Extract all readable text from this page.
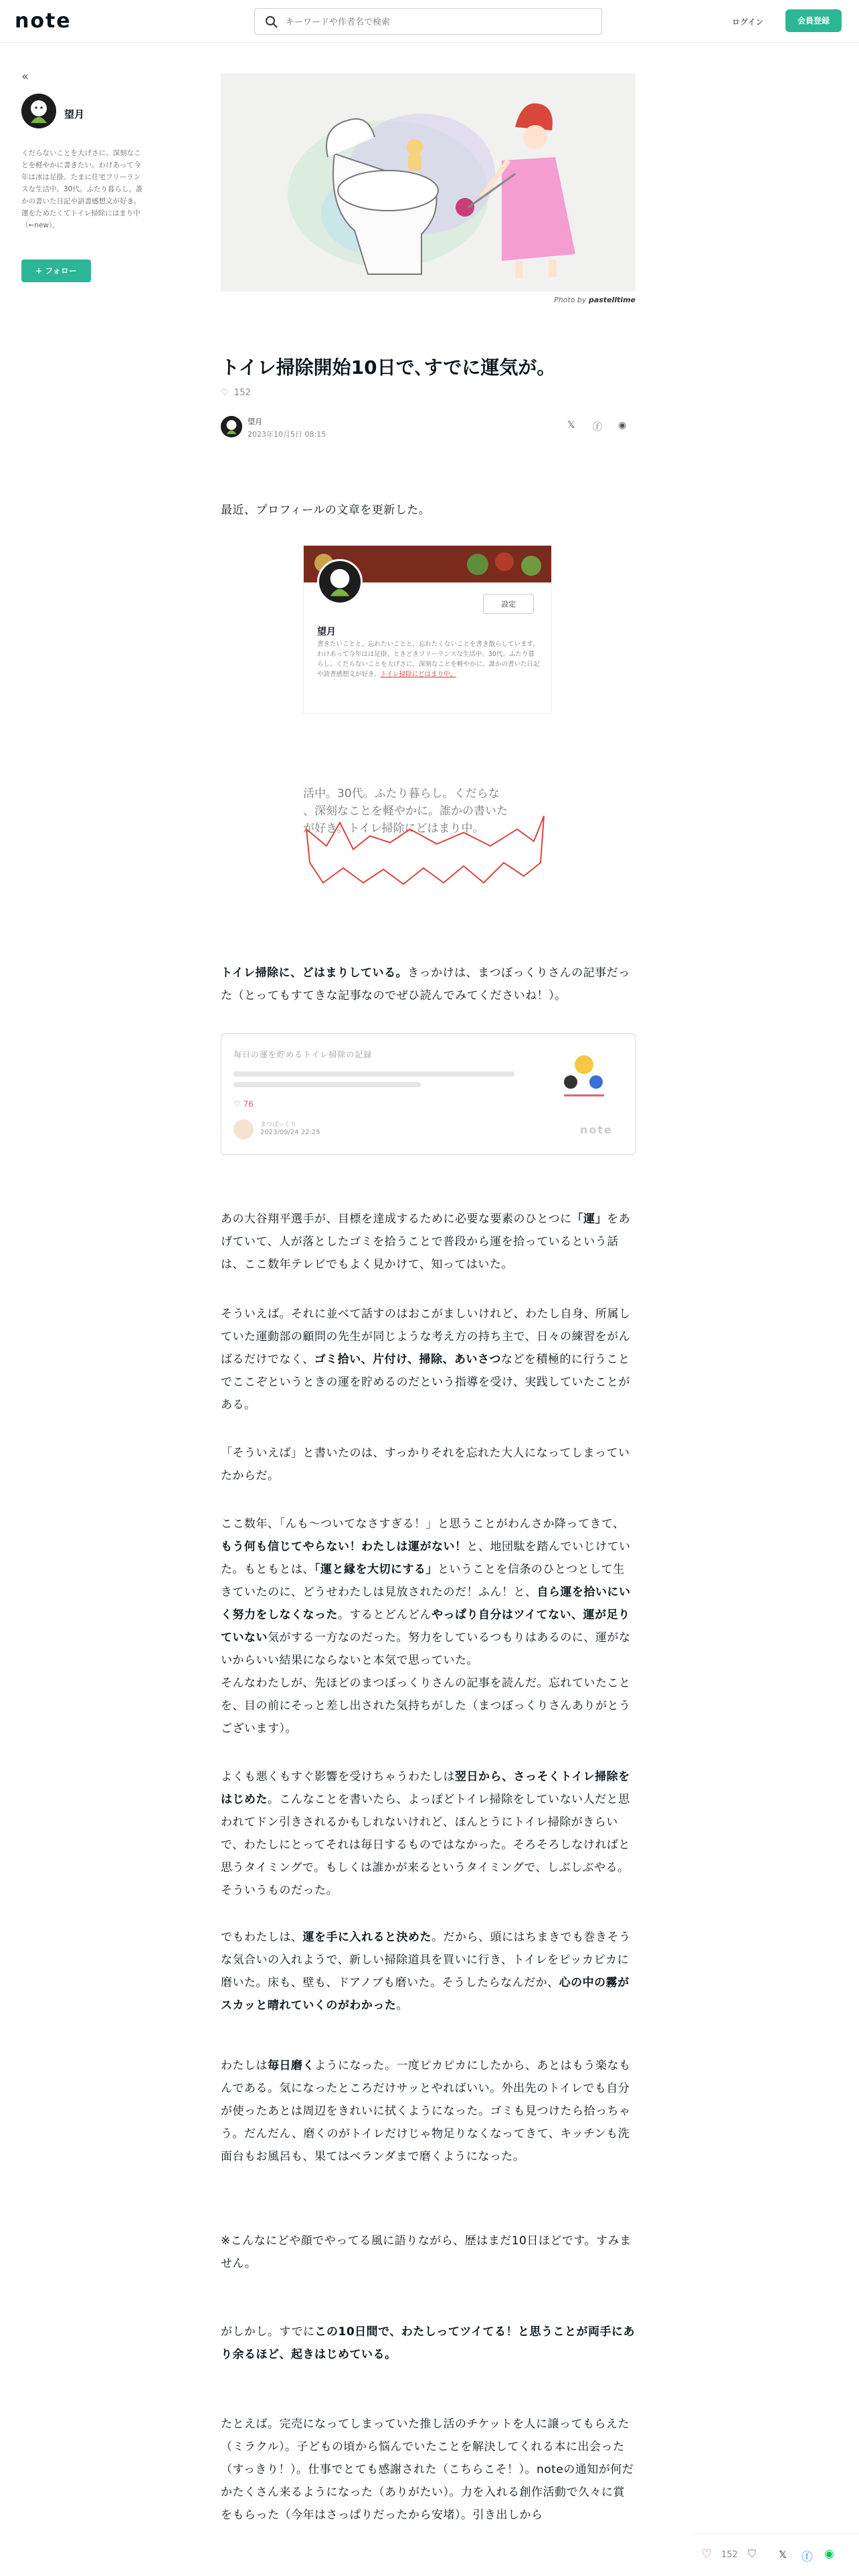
note
キーワードや作者名で検索	ログイン	会員登録
«
望月
くだらないことを大げさに、深刻なことを軽やかに書きたい。わけあって今年は冰は足掛。たまに住宅フリーランスな生活中。30代。ふたり暮らし。誰かの書いた日記や語書感想文が好き。運をためたくてトイレ掃除にはまり中（←new）。
+ フォロー
Photo by pastelltime
トイレ掃除開始10日で､すでに運気が。
♡ 152
望月
2023年10月5日 08:15
𝕏 ⓕ ◉
最近、プロフィールの文章を更新した。
設定
望月
書きたいことと、忘れたいことと、忘れたくないことを書き散らしています。わけあって今年はほ足掛、ときどきフリーランスな生活中。30代。ふたり暮らし。くだらないことを大げさに、深刻なことを軽やかに。誰かの書いた日記や読書感想文が好き。トイレ掃除にどはまり中。
活中。30代。ふたり暮らし。くだらな
、深刻なことを軽やかに。誰かの書いた
が好き。トイレ掃除にどはまり中。
トイレ掃除に、どはまりしている。きっかけは、まつぼっくりさんの記事だった（とってもすてきな記事なのでぜひ読んでみてくださいね！）。
毎日の運を貯めるトイレ掃除の記録
♡ 76
まつぼっくり
2023/09/24 22:25	note
あの大谷翔平選手が、目標を達成するために必要な要素のひとつに「運」をあげていて、人が落としたゴミを拾うことで普段から運を拾っているという話は、ここ数年テレビでもよく見かけて、知ってはいた。
そういえば。それに並べて話すのはおこがましいけれど、わたし自身、所属していた運動部の顧問の先生が同じような考え方の持ち主で、日々の練習をがんばるだけでなく、ゴミ拾い、片付け、掃除、あいさつなどを積極的に行うことでここぞというときの運を貯めるのだという指導を受け、実践していたことがある。
「そういえば」と書いたのは、すっかりそれを忘れた大人になってしまっていたからだ。
ここ数年、「んも〜ついてなさすぎる！」と思うことがわんさか降ってきて、もう何も信じてやらない！わたしは運がない！と、地団駄を踏んでいじけていた。もともとは、「運と縁を大切にする」ということを信条のひとつとして生きていたのに、どうせわたしは見放されたのだ！ふん！と、自ら運を拾いにいく努力をしなくなった。するとどんどんやっぱり自分はツイてない、運が足りていない気がする一方なのだった。努力をしているつもりはあるのに、運がないからいい結果にならないと本気で思っていた。
そんなわたしが、先ほどのまつぼっくりさんの記事を読んだ。忘れていたことを、目の前にそっと差し出された気持ちがした（まつぼっくりさんありがとうございます）。
よくも悪くもすぐ影響を受けちゃうわたしは翌日から、さっそくトイレ掃除をはじめた。こんなことを書いたら、よっぽどトイレ掃除をしていない人だと思われてドン引きされるかもしれないけれど、ほんとうにトイレ掃除がきらいで、わたしにとってそれは毎日するものではなかった。そろそろしなければと思うタイミングで。もしくは誰かが来るというタイミングで、しぶしぶやる。そういうものだった。
でもわたしは、運を手に入れると決めた。だから、頭にはちまきでも巻きそうな気合いの入れようで、新しい掃除道具を買いに行き、トイレをピッカピカに磨いた。床も、壁も、ドアノブも磨いた。そうしたらなんだか、心の中の霧がスカッと晴れていくのがわかった。
わたしは毎日磨くようになった。一度ピカピカにしたから、あとはもう楽なもんである。気になったところだけサッとやればいい。外出先のトイレでも自分が使ったあとは周辺をきれいに拭くようになった。ゴミも見つけたら拾っちゃう。だんだん、磨くのがトイレだけじゃ物足りなくなってきて、キッチンも洗面台もお風呂も、果てはベランダまで磨くようになった。
※こんなにどや顔でやってる風に語りながら、歴はまだ10日ほどです。すみません。
がしかし。すでにこの10日間で、わたしってツイてる！と思うことが両手にあり余るほど、起きはじめている。
たとえば。完売になってしまっていた推し活のチケットを人に譲ってもらえた（ミラクル）。子どもの頃から悩んでいたことを解決してくれる本に出会った（すっきり！）。仕事でとても感謝された（こちらこそ！）。noteの通知が何だかたくさん来るようになった（ありがたい）。力を入れる創作活動で久々に賞をもらった（今年はさっぱりだったから安堵）。引き出しから
♡ 152 ⛉ 𝕏 ⓕ ◉
